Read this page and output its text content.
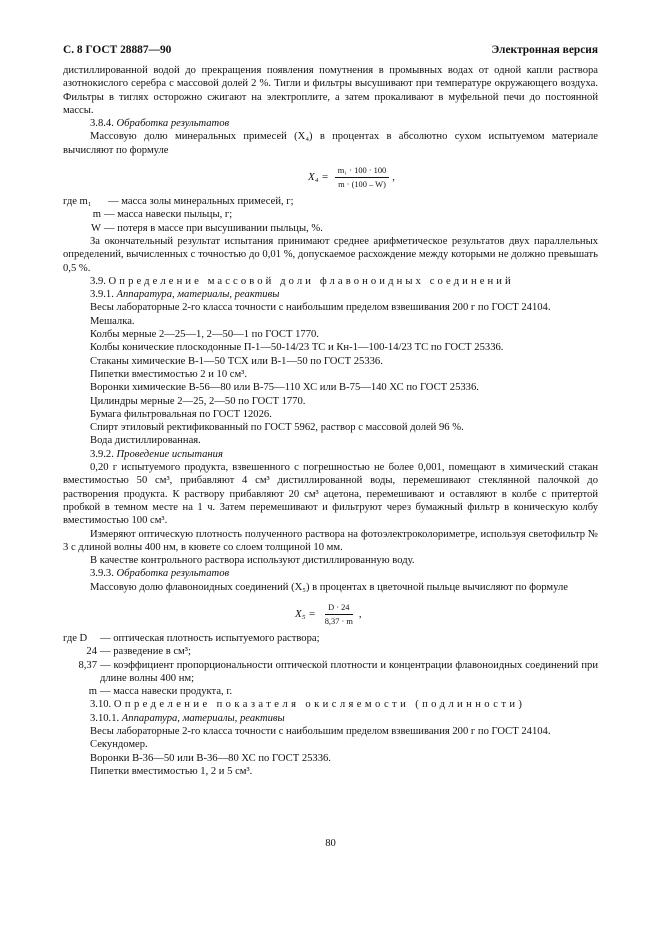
С. 8 ГОСТ 28887—90	Электронная версия

дистиллированной водой до прекращения появления помутнения в промывных водах от одной капли раствора азотнокислого серебра с массовой долей 2 %. Тигли и фильтры высушивают при температуре окружающего воздуха. Фильтры в тиглях осторожно сжигают на электроплите, а затем прокаливают в муфельной печи до постоянной массы.

3.8.4. Обработка результатов

Массовую долю минеральных примесей (X₄) в процентах в абсолютно сухом испытуемом материале вычисляют по формуле

$X_4 = \frac{\text{m₁ · 100 · 100}}{m \cdot (100 - W)}$ ,
где m₁	— масса золы минеральных примесей, г;
m — масса навески пыльцы, г;
W — потеря в массе при высушивании пыльцы, %.

За окончательный результат испытания принимают среднее арифметическое результатов двух параллельных определений, вычисленных с точностью до 0,01 %, допускаемое расхождение между которыми не должно превышать 0,5 %.

3.9. Определение массовой доли флавоноидных соединений

3.9.1. Аппаратура, материалы, реактивы

Весы лабораторные 2-го класса точности с наибольшим пределом взвешивания 200 г по ГОСТ 24104.

Мешалка.

Колбы мерные 2—25—1, 2—50—1 по ГОСТ 1770.

Колбы конические плоскодонные П-1—50-14/23 ТС и Кн-1—100-14/23 ТС по ГОСТ 25336.

Стаканы химические В-1—50 ТСХ или В-1—50 по ГОСТ 25336.

Пипетки вместимостью 2 и 10 см³.

Воронки химические В-56—80 или В-75—110 ХС или В-75—140 ХС по ГОСТ 25336.

Цилиндры мерные 2—25, 2—50 по ГОСТ 1770.

Бумага фильтровальная по ГОСТ 12026.

Спирт этиловый ректификованный по ГОСТ 5962, раствор с массовой долей 96 %.

Вода дистиллированная.

3.9.2. Проведение испытания

0,20 г испытуемого продукта, взвешенного с погрешностью не более 0,001, помещают в химический стакан вместимостью 50 см³, прибавляют 4 см³ дистиллированной воды, перемешивают стеклянной палочкой до растворения продукта. К раствору прибавляют 20 см³ ацетона, перемешивают и оставляют в колбе с притертой пробкой в темном месте на 1 ч. Затем перемешивают и фильтруют через бумажный фильтр в коническую колбу вместимостью 100 см³.

Измеряют оптическую плотность полученного раствора на фотоэлектроколориметре, используя светофильтр № 3 с длиной волны 400 нм, в кювете со слоем толщиной 10 мм.

В качестве контрольного раствора используют дистиллированную воду.

3.9.3. Обработка результатов

Массовую долю флавоноидных соединений (X₅) в процентах в цветочной пыльце вычисляют по формуле

$X_5 = \frac{D \cdot 24}{8,37 \cdot m}$ ,
где D	— оптическая плотность испытуемого раствора;
24 — разведение в см³;
8,37 — коэффициент пропорциональности оптической плотности и концентрации флавоноидных соединений при длине волны 400 нм;
m — масса навески продукта, г.

3.10. Определение показателя окисляемости (подлинности)

3.10.1. Аппаратура, материалы, реактивы

Весы лабораторные 2-го класса точности с наибольшим пределом взвешивания 200 г по ГОСТ 24104.

Секундомер.

Воронки В-36—50 или В-36—80 ХС по ГОСТ 25336.

Пипетки вместимостью 1, 2 и 5 см³.

80
